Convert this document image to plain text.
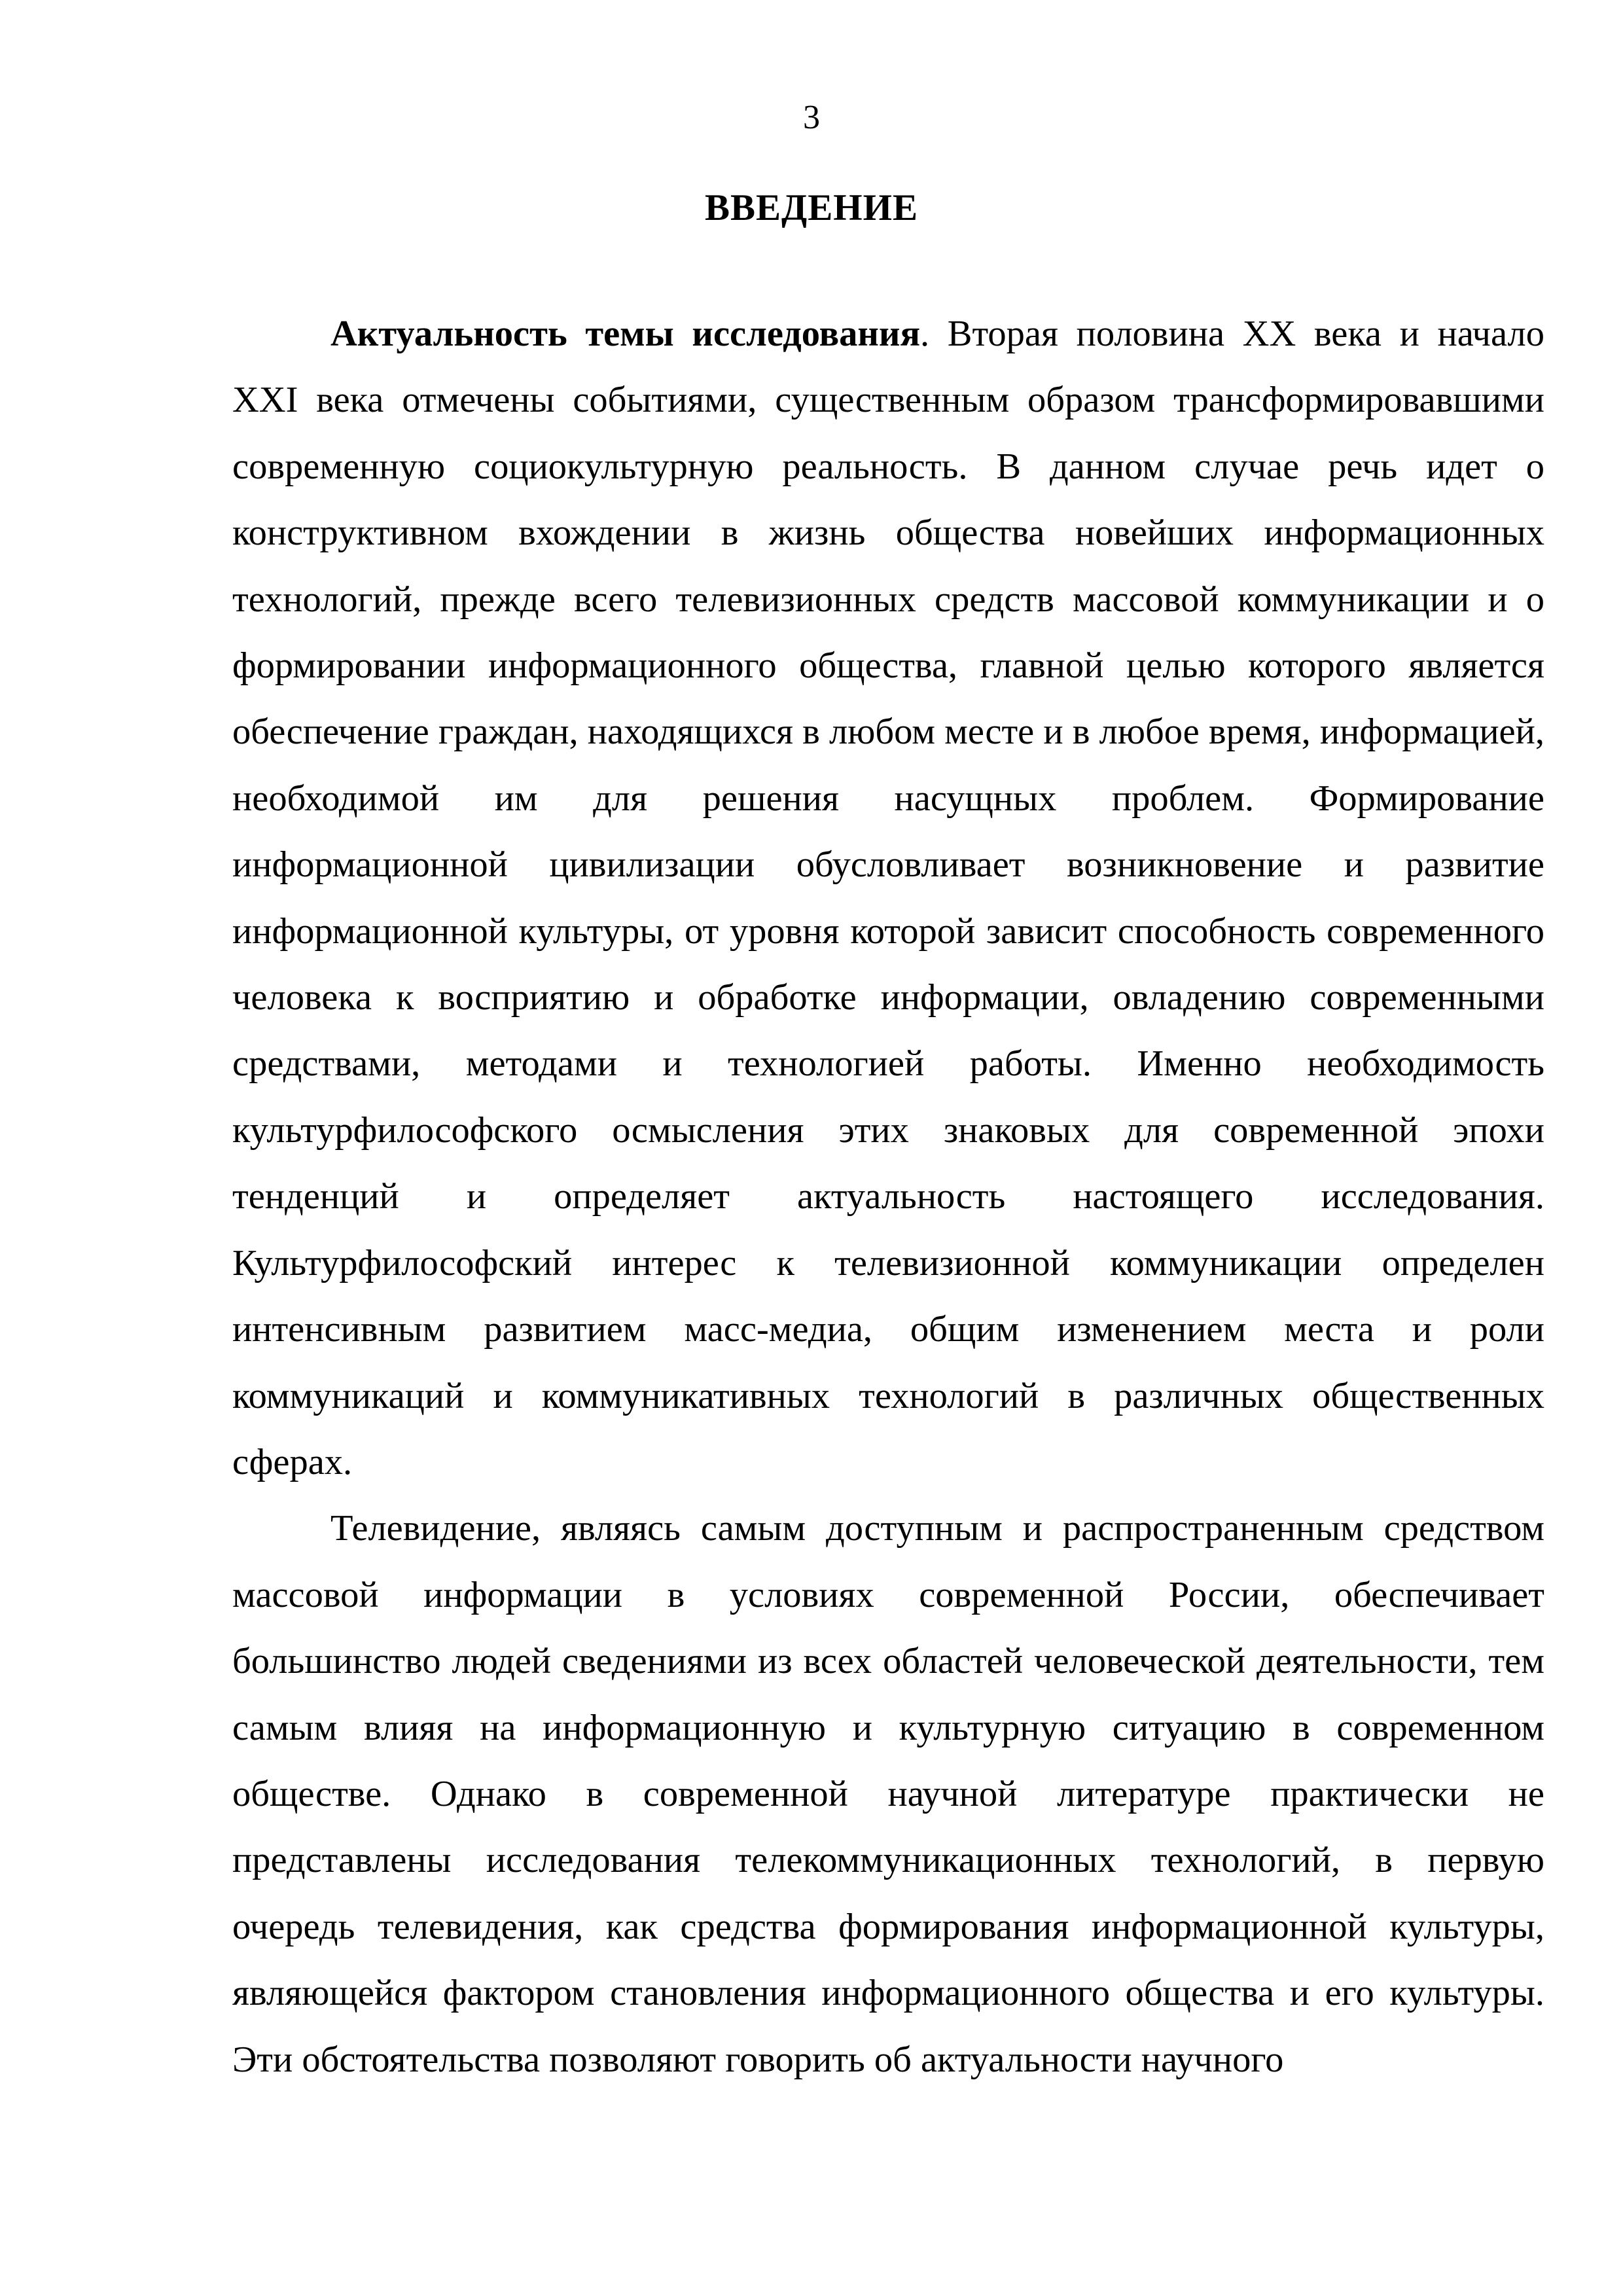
3
ВВЕДЕНИЕ

Актуальность темы исследования. Вторая половина XX века и начало XXI века отмечены событиями, существенным образом трансформировавшими современную социокультурную реальность. В данном случае речь идет о конструктивном вхождении в жизнь общества новейших информационных технологий, прежде всего телевизионных средств массовой коммуникации и о формировании информационного общества, главной целью которого является обеспечение граждан, находящихся в любом месте и в любое время, информацией, необходимой им для решения насущных проблем. Формирование информационной цивилизации обусловливает возникновение и развитие информационной культуры, от уровня которой зависит способность современного человека к восприятию и обработке информации, овладению современными средствами, методами и технологией работы. Именно необходимость культурфилософского осмысления этих знаковых для современной эпохи тенденций и определяет актуальность настоящего исследования. Культурфилософский интерес к телевизионной коммуникации определен интенсивным развитием масс-медиа, общим изменением места и роли коммуникаций и коммуникативных технологий в различных общественных сферах.

Телевидение, являясь самым доступным и распространенным средством массовой информации в условиях современной России, обеспечивает большинство людей сведениями из всех областей человеческой деятельности, тем самым влияя на информационную и культурную ситуацию в современном обществе. Однако в современной научной литературе практически не представлены исследования телекоммуникационных технологий, в первую очередь телевидения, как средства формирования информационной культуры, являющейся фактором становления информационного общества и его культуры. Эти обстоятельства позволяют говорить об актуальности научного
